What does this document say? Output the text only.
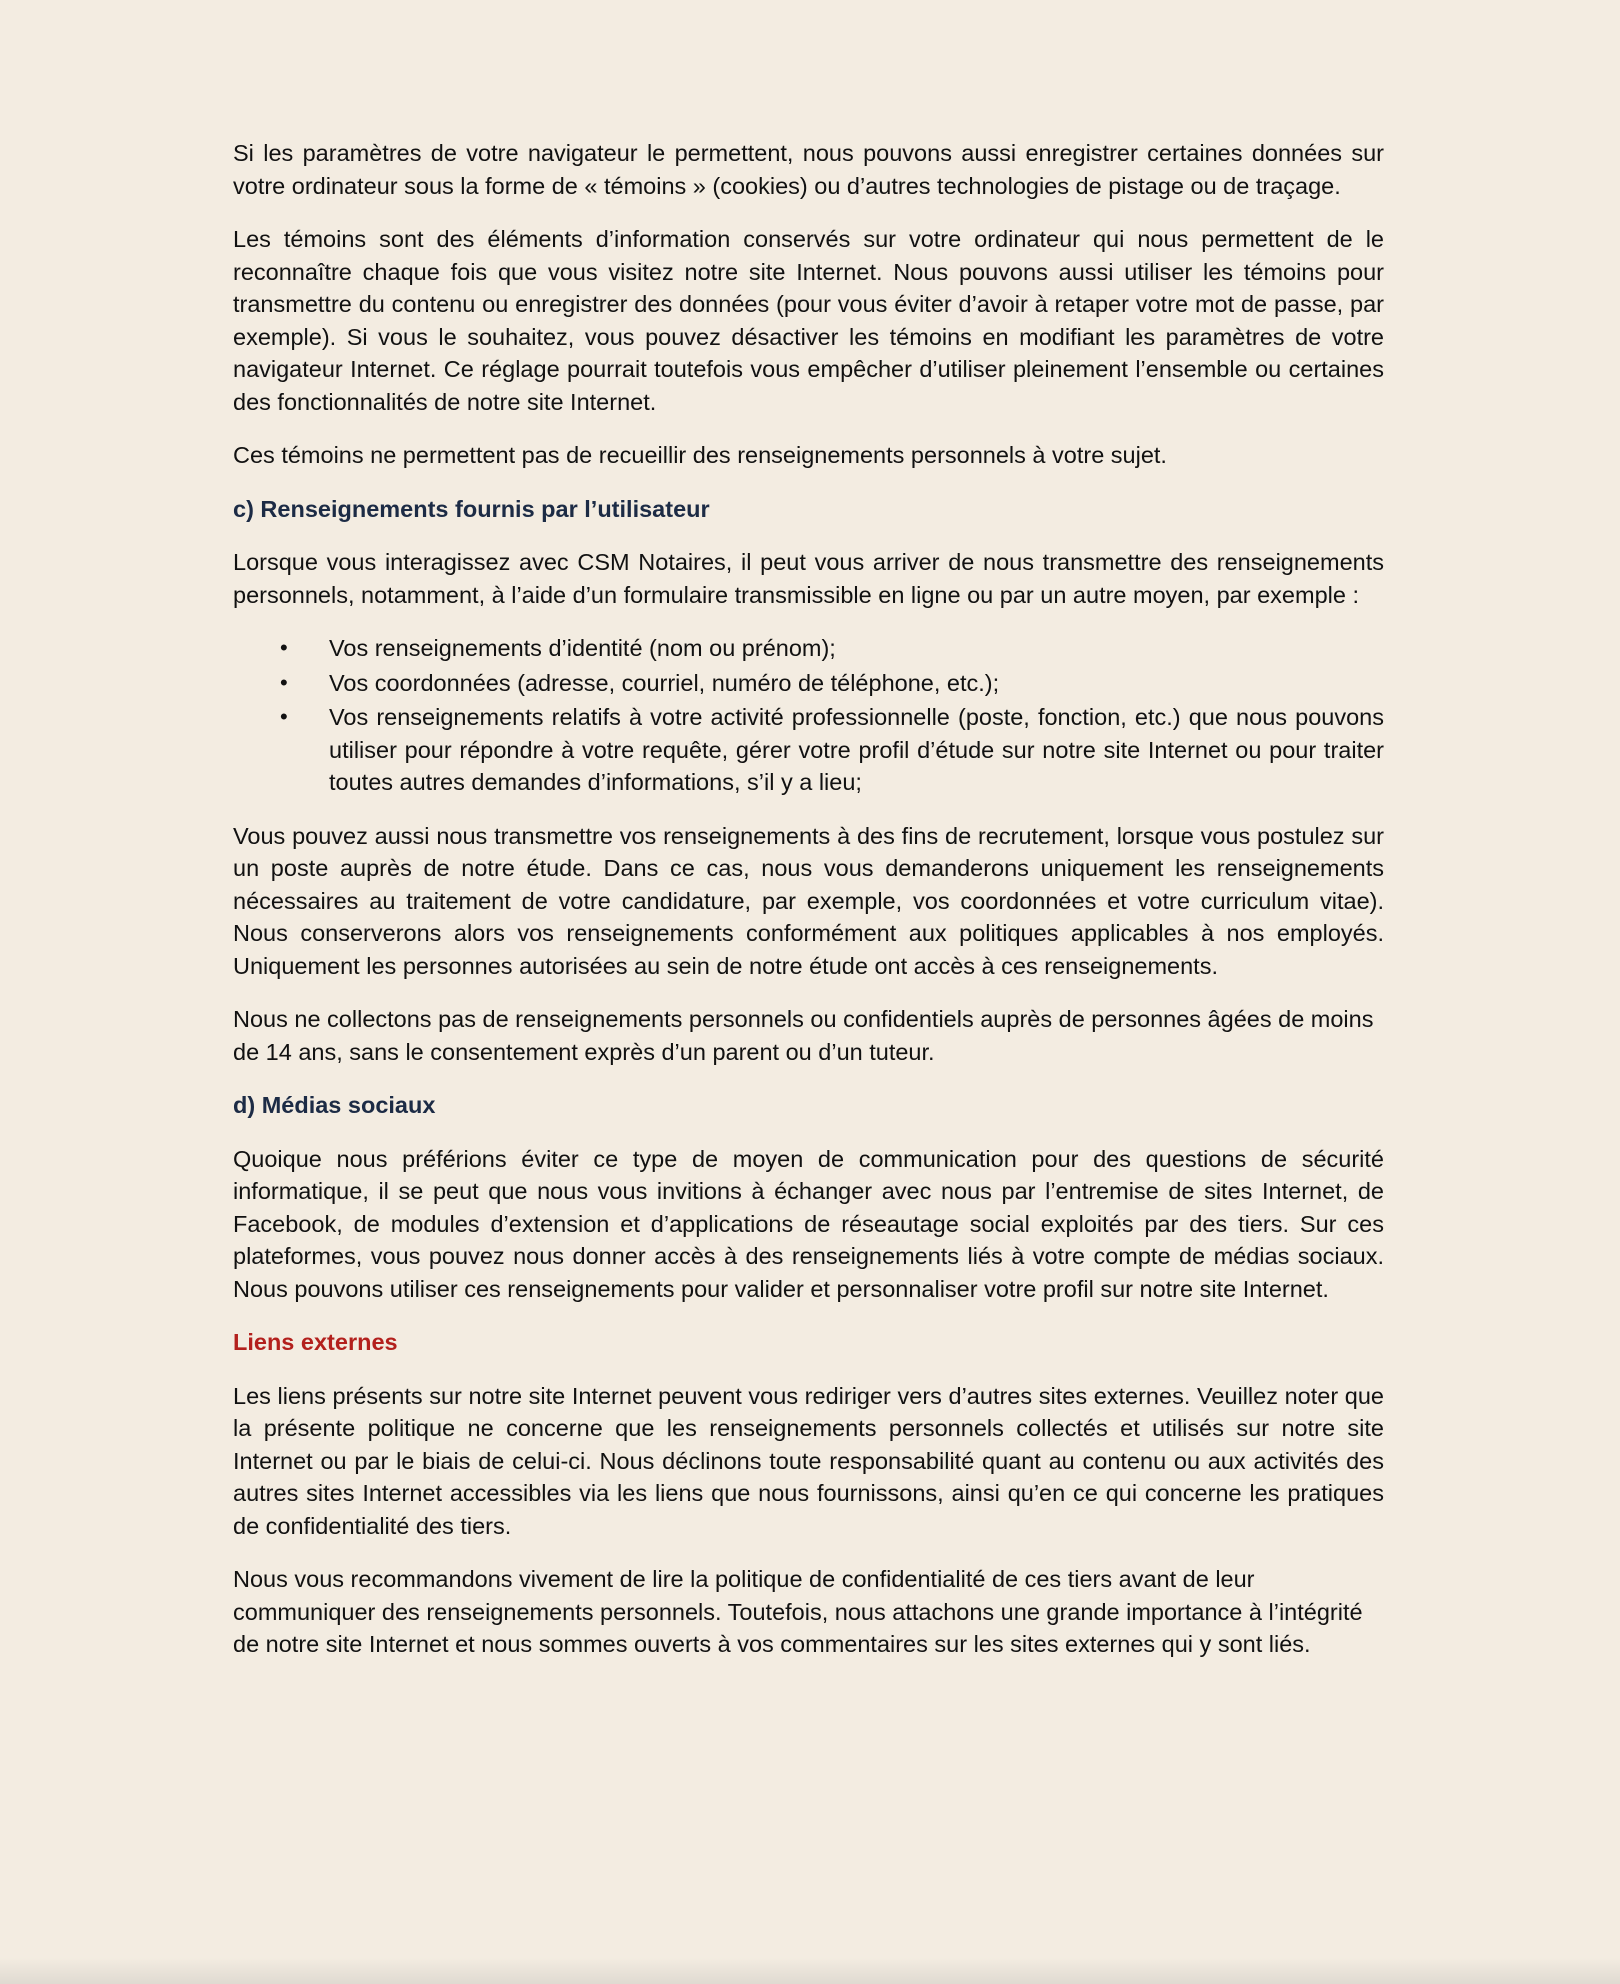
Si les paramètres de votre navigateur le permettent, nous pouvons aussi enregistrer certaines données sur votre ordinateur sous la forme de « témoins » (cookies) ou d’autres technologies de pistage ou de traçage.

Les témoins sont des éléments d’information conservés sur votre ordinateur qui nous permettent de le reconnaître chaque fois que vous visitez notre site Internet. Nous pouvons aussi utiliser les témoins pour transmettre du contenu ou enregistrer des données (pour vous éviter d’avoir à retaper votre mot de passe, par exemple). Si vous le souhaitez, vous pouvez désactiver les témoins en modifiant les paramètres de votre navigateur Internet. Ce réglage pourrait toutefois vous empêcher d’utiliser pleinement l’ensemble ou certaines des fonctionnalités de notre site Internet.

Ces témoins ne permettent pas de recueillir des renseignements personnels à votre sujet.

c) Renseignements fournis par l’utilisateur

Lorsque vous interagissez avec CSM Notaires, il peut vous arriver de nous transmettre des renseignements personnels, notamment, à l’aide d’un formulaire transmissible en ligne ou par un autre moyen, par exemple :

• Vos renseignements d’identité (nom ou prénom);
• Vos coordonnées (adresse, courriel, numéro de téléphone, etc.);
• Vos renseignements relatifs à votre activité professionnelle (poste, fonction, etc.) que nous pouvons utiliser pour répondre à votre requête, gérer votre profil d’étude sur notre site Internet ou pour traiter toutes autres demandes d’informations, s’il y a lieu;

Vous pouvez aussi nous transmettre vos renseignements à des fins de recrutement, lorsque vous postulez sur un poste auprès de notre étude. Dans ce cas, nous vous demanderons uniquement les renseignements nécessaires au traitement de votre candidature, par exemple, vos coordonnées et votre curriculum vitae). Nous conserverons alors vos renseignements conformément aux politiques applicables à nos employés. Uniquement les personnes autorisées au sein de notre étude ont accès à ces renseignements.

Nous ne collectons pas de renseignements personnels ou confidentiels auprès de personnes âgées de moins de 14 ans, sans le consentement exprès d’un parent ou d’un tuteur.

d) Médias sociaux

Quoique nous préférions éviter ce type de moyen de communication pour des questions de sécurité informatique, il se peut que nous vous invitions à échanger avec nous par l’entremise de sites Internet, de Facebook, de modules d’extension et d’applications de réseautage social exploités par des tiers. Sur ces plateformes, vous pouvez nous donner accès à des renseignements liés à votre compte de médias sociaux. Nous pouvons utiliser ces renseignements pour valider et personnaliser votre profil sur notre site Internet.

Liens externes

Les liens présents sur notre site Internet peuvent vous rediriger vers d’autres sites externes. Veuillez noter que la présente politique ne concerne que les renseignements personnels collectés et utilisés sur notre site Internet ou par le biais de celui-ci. Nous déclinons toute responsabilité quant au contenu ou aux activités des autres sites Internet accessibles via les liens que nous fournissons, ainsi qu’en ce qui concerne les pratiques de confidentialité des tiers.

Nous vous recommandons vivement de lire la politique de confidentialité de ces tiers avant de leur communiquer des renseignements personnels. Toutefois, nous attachons une grande importance à l’intégrité de notre site Internet et nous sommes ouverts à vos commentaires sur les sites externes qui y sont liés.
